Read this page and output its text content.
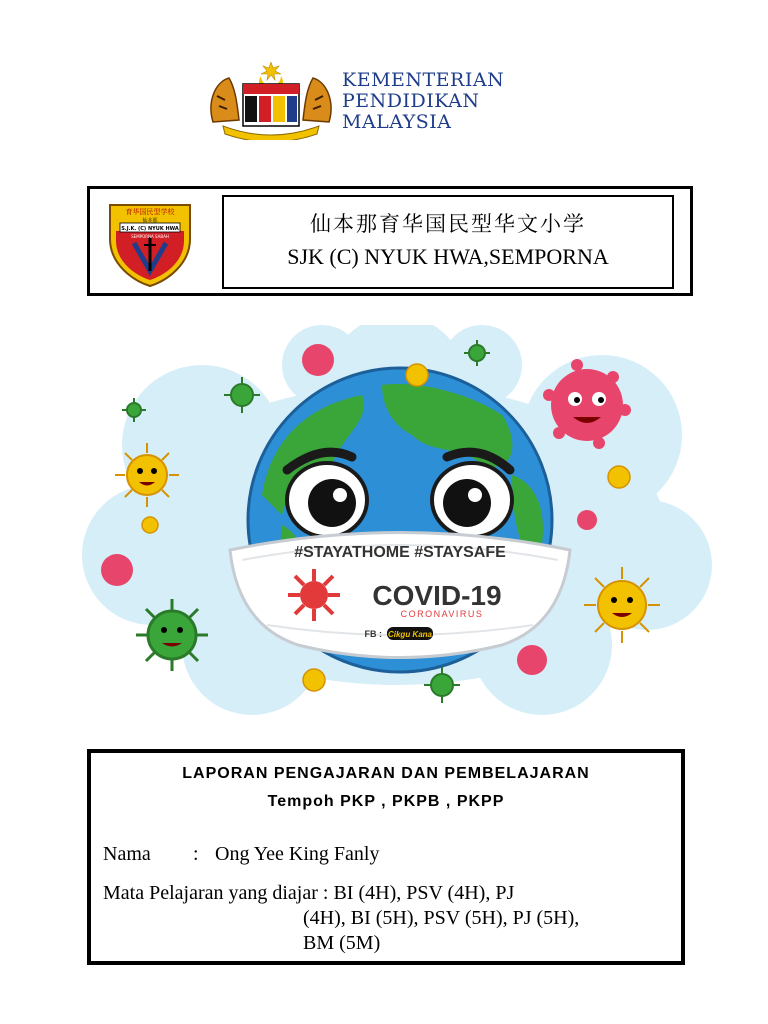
KEMENTERIAN
PENDIDIKAN
MALAYSIA
育华国民型学校
仙本那
S.J.K. (C) NYUK HWA
SEMPORNA SABAH
仙本那育华国民型华文小学
SJK (C) NYUK HWA,SEMPORNA
#STAYATHOME #STAYSAFE
COVID-19
CORONAVIRUS
FB : Cikgu Kana
LAPORAN PENGAJARAN DAN PEMBELAJARAN
Tempoh PKP , PKPB , PKPP
Nama : Ong Yee King Fanly
Mata Pelajaran yang diajar : BI (4H), PSV (4H), PJ
(4H), BI (5H), PSV (5H), PJ (5H),
BM (5M)
